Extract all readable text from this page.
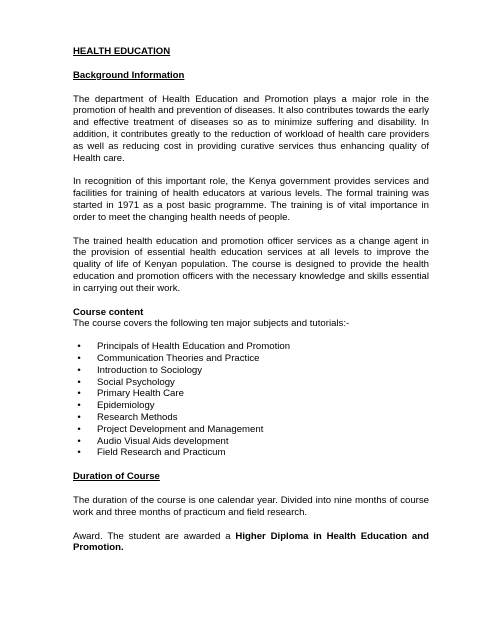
HEALTH EDUCATION

Background Information

The department of Health Education and Promotion plays a major role in the promotion of health and prevention of diseases. It also contributes towards the early and effective treatment of diseases so as to minimize suffering and disability. In addition, it contributes greatly to the reduction of workload of health care providers as well as reducing cost in providing curative services thus enhancing quality of Health care.

In recognition of this important role, the Kenya government provides services and facilities for training of health educators at various levels. The formal training was started in 1971 as a post basic programme. The training is of vital importance in order to meet the changing health needs of people.

The trained health education and promotion officer services as a change agent in the provision of essential health education services at all levels to improve the quality of life of Kenyan population. The course is designed to provide the health education and promotion officers with the necessary knowledge and skills essential in carrying out their work.

Course content

The course covers the following ten major subjects and tutorials:-

•	Principals of Health Education and Promotion
•	Communication Theories and Practice
•	Introduction to Sociology
•	Social Psychology
•	Primary Health Care
•	Epidemiology
•	Research Methods
•	Project Development and Management
•	Audio Visual Aids development
•	Field Research and Practicum

Duration of Course

The duration of the course is one calendar year. Divided into nine months of course work and three months of practicum and field research.

Award. The student are awarded a Higher Diploma in Health Education and Promotion.
